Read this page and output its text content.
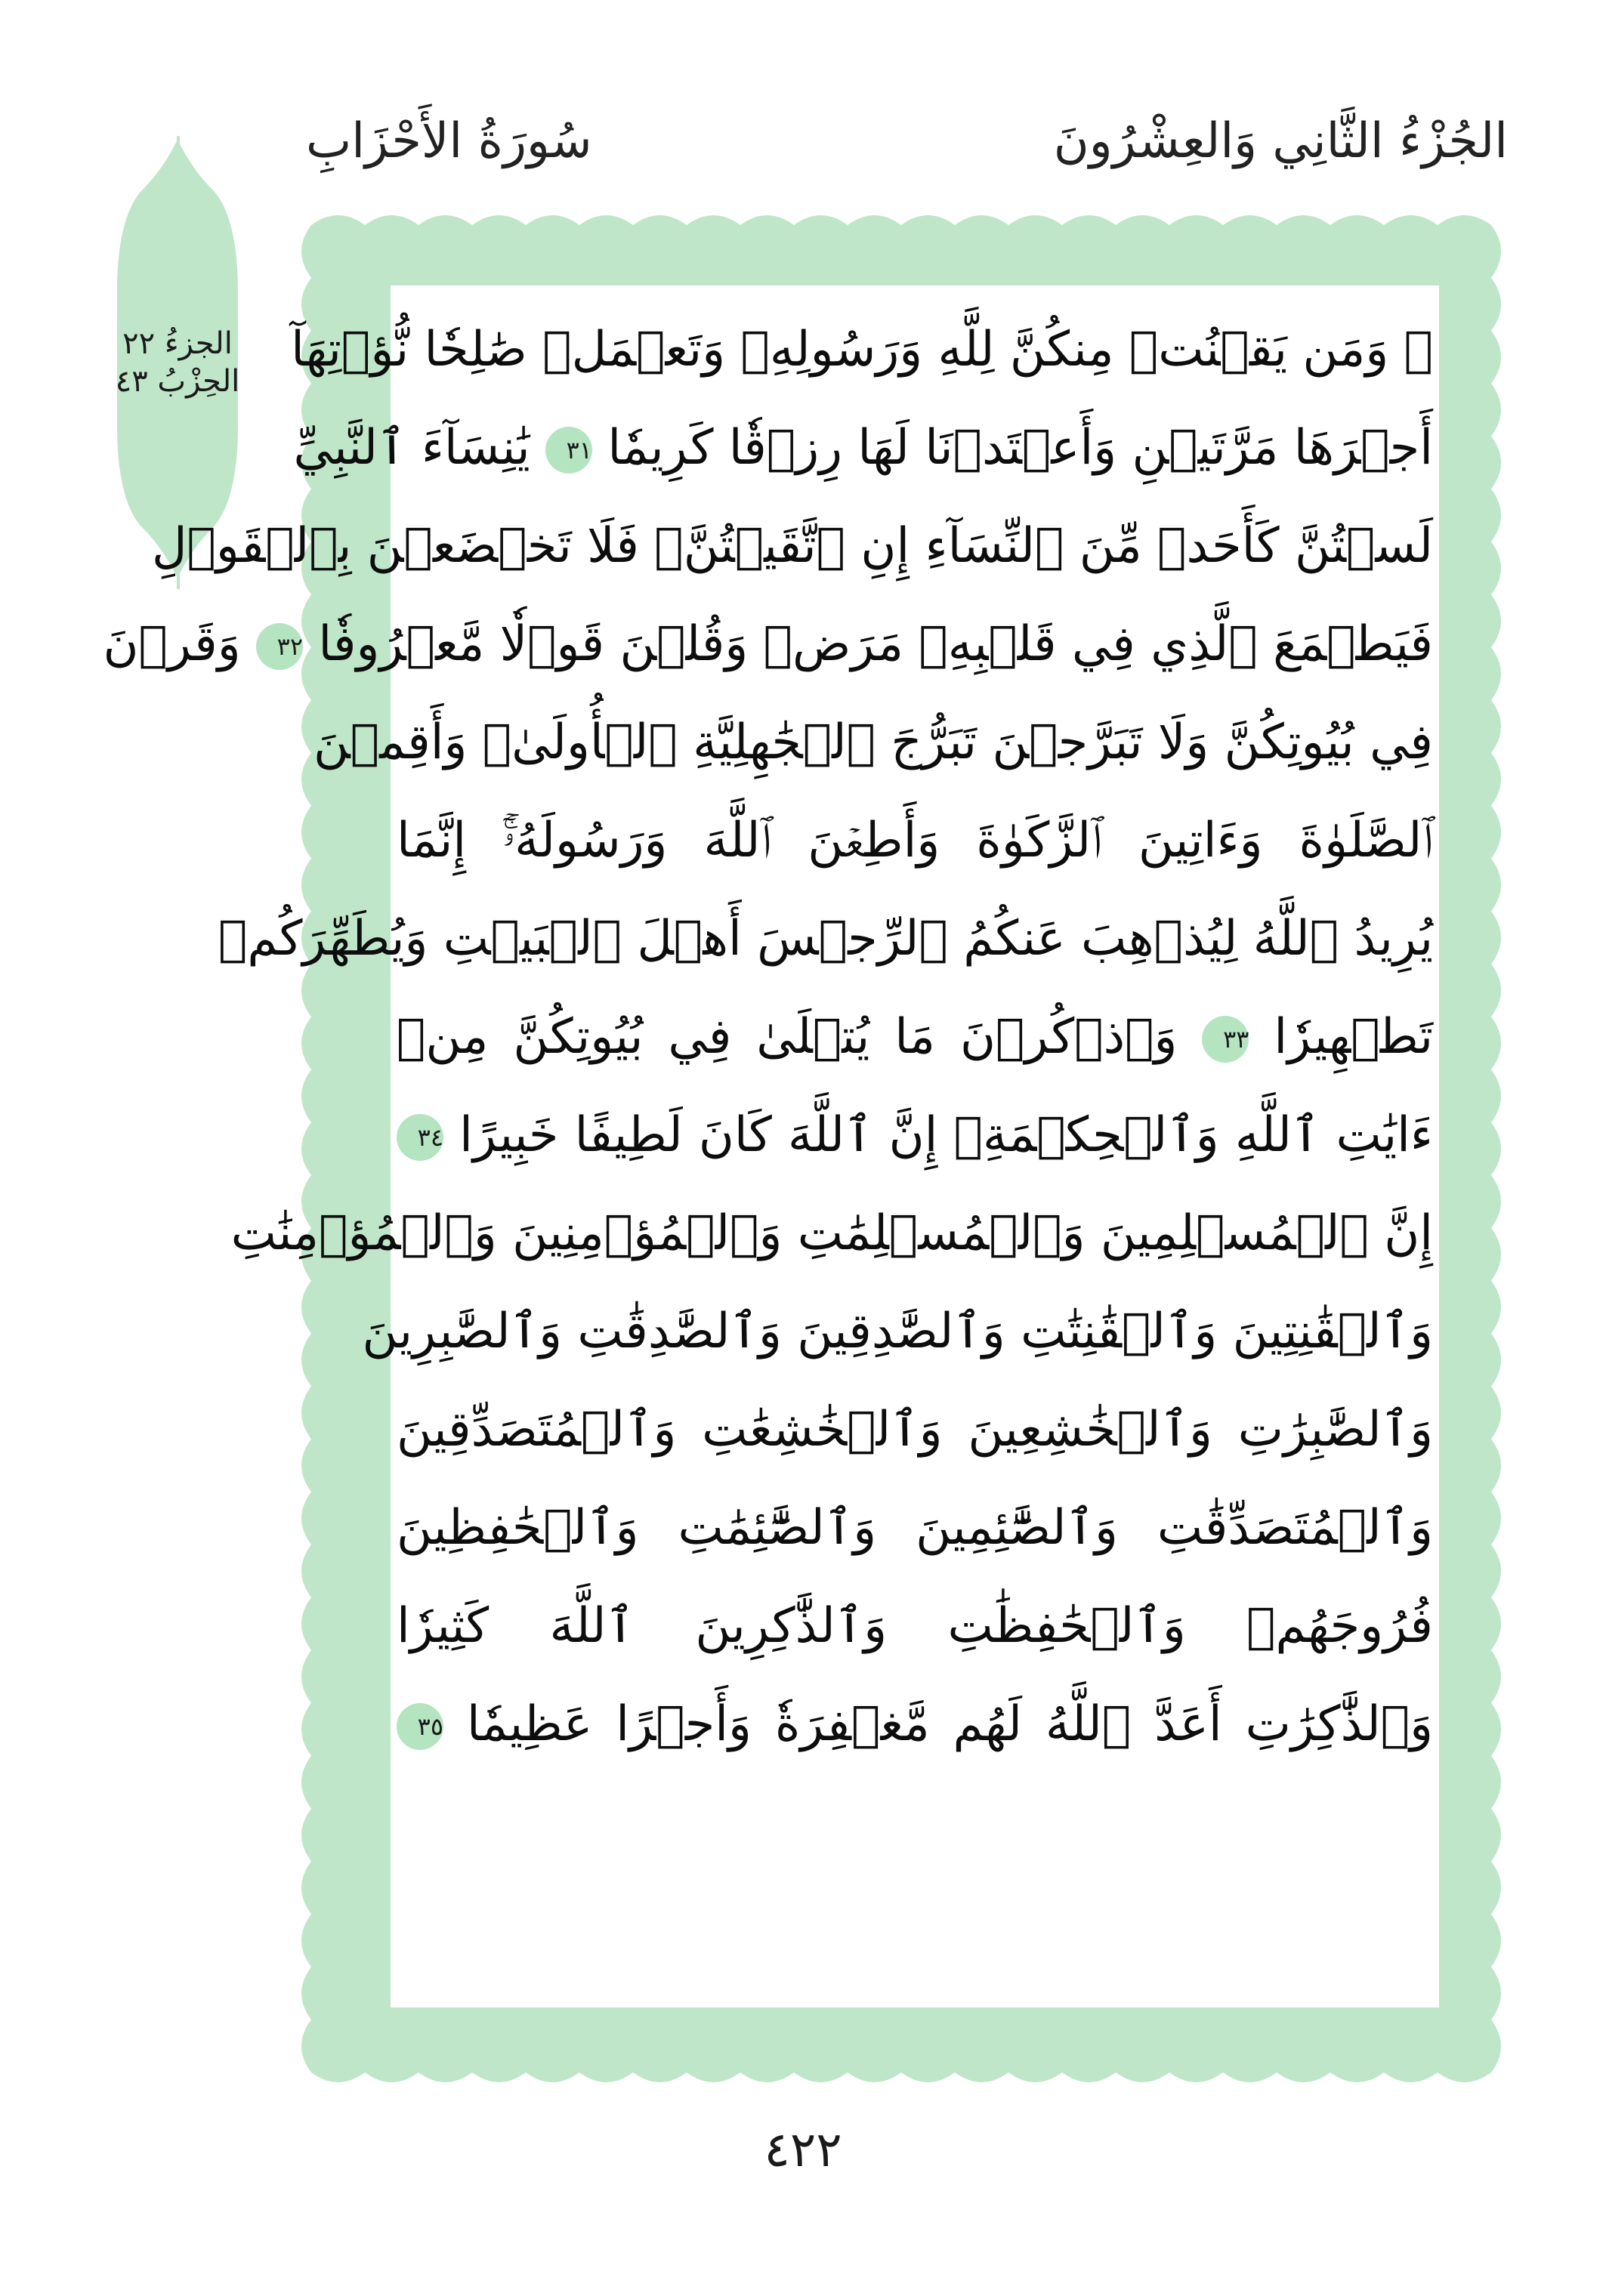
الجُزْءُ الثَّانِي وَالعِشْرُونَ
سُورَةُ الأَحْزَابِ
الجزءُ ٢٢
الحِزْبُ ٤٣
۞ وَمَن يَقۡنُتۡ مِنكُنَّ لِلَّهِ وَرَسُولِهِۦ وَتَعۡمَلۡ صَٰلِحٗا نُّؤۡتِهَآ
أَجۡرَهَا مَرَّتَيۡنِ وَأَعۡتَدۡنَا لَهَا رِزۡقٗا كَرِيمٗا ٣١ يَٰنِسَآءَ ٱلنَّبِيِّ
لَسۡتُنَّ كَأَحَدٖ مِّنَ ٱلنِّسَآءِ إِنِ ٱتَّقَيۡتُنَّۚ فَلَا تَخۡضَعۡنَ بِٱلۡقَوۡلِ
فَيَطۡمَعَ ٱلَّذِي فِي قَلۡبِهِۦ مَرَضٞ وَقُلۡنَ قَوۡلٗا مَّعۡرُوفٗا ٣٢ وَقَرۡنَ
فِي بُيُوتِكُنَّ وَلَا تَبَرَّجۡنَ تَبَرُّجَ ٱلۡجَٰهِلِيَّةِ ٱلۡأُولَىٰۖ وَأَقِمۡنَ
ٱلصَّلَوٰةَ وَءَاتِينَ ٱلزَّكَوٰةَ وَأَطِعۡنَ ٱللَّهَ وَرَسُولَهُۥٓۚ إِنَّمَا
يُرِيدُ ٱللَّهُ لِيُذۡهِبَ عَنكُمُ ٱلرِّجۡسَ أَهۡلَ ٱلۡبَيۡتِ وَيُطَهِّرَكُمۡ
تَطۡهِيرٗا ٣٣ وَٱذۡكُرۡنَ مَا يُتۡلَىٰ فِي بُيُوتِكُنَّ مِنۡ
ءَايَٰتِ ٱللَّهِ وَٱلۡحِكۡمَةِۚ إِنَّ ٱللَّهَ كَانَ لَطِيفًا خَبِيرًا ٣٤
إِنَّ ٱلۡمُسۡلِمِينَ وَٱلۡمُسۡلِمَٰتِ وَٱلۡمُؤۡمِنِينَ وَٱلۡمُؤۡمِنَٰتِ
وَٱلۡقَٰنِتِينَ وَٱلۡقَٰنِتَٰتِ وَٱلصَّٰدِقِينَ وَٱلصَّٰدِقَٰتِ وَٱلصَّٰبِرِينَ
وَٱلصَّٰبِرَٰتِ وَٱلۡخَٰشِعِينَ وَٱلۡخَٰشِعَٰتِ وَٱلۡمُتَصَدِّقِينَ
وَٱلۡمُتَصَدِّقَٰتِ وَٱلصَّٰٓئِمِينَ وَٱلصَّٰٓئِمَٰتِ وَٱلۡحَٰفِظِينَ
فُرُوجَهُمۡ وَٱلۡحَٰفِظَٰتِ وَٱلذَّٰكِرِينَ ٱللَّهَ كَثِيرٗا
وَٱلذَّٰكِرَٰتِ أَعَدَّ ٱللَّهُ لَهُم مَّغۡفِرَةٗ وَأَجۡرًا عَظِيمٗا ٣٥
٤٢٢
